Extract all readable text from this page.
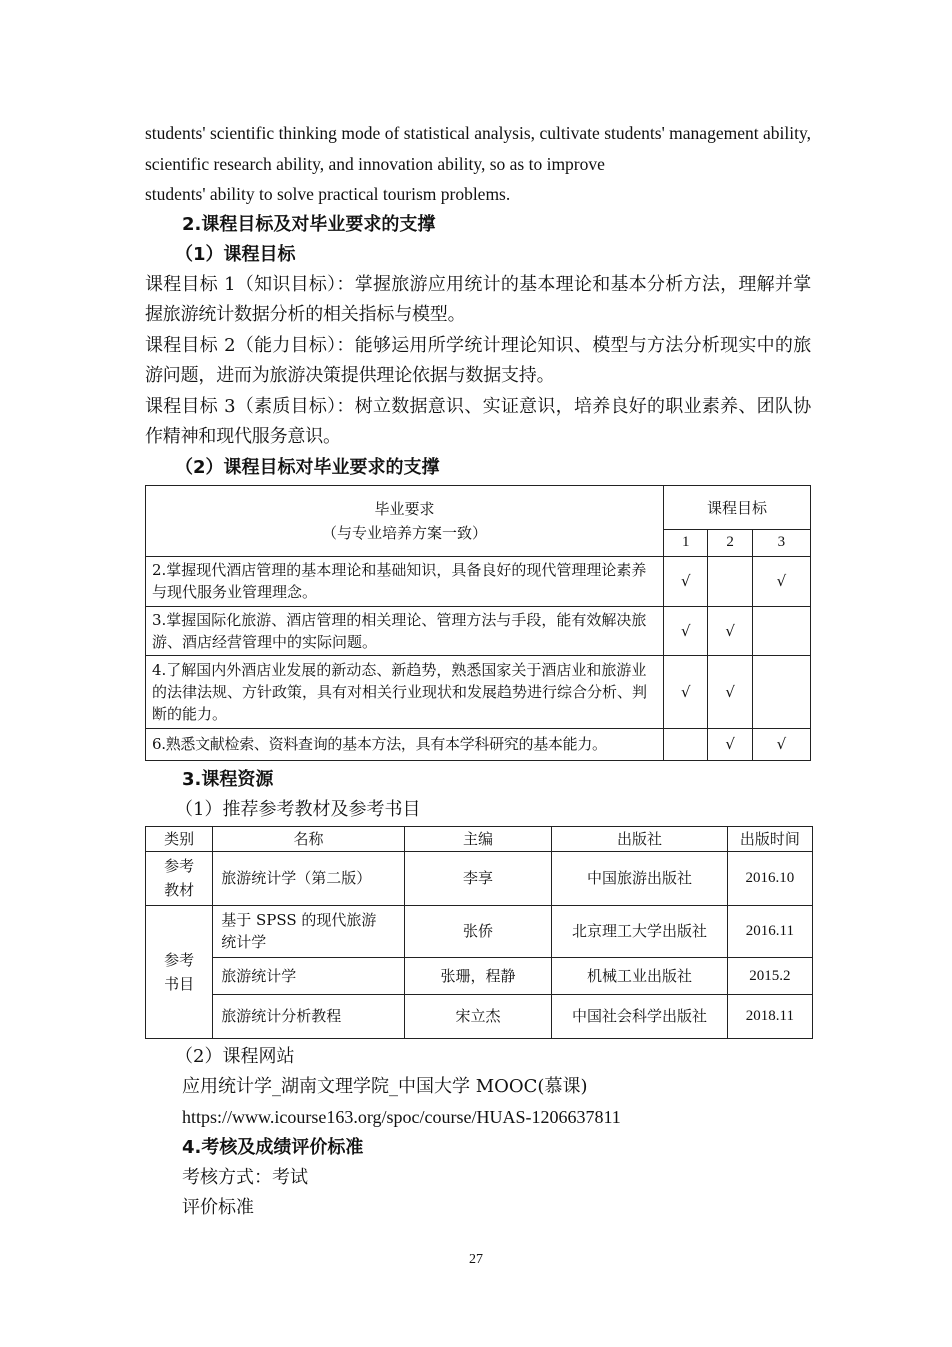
students' scientific thinking mode of statistical analysis, cultivate students' management ability, scientific research ability, and innovation ability, so as to improve

students' ability to solve practical tourism problems.

2.课程目标及对毕业要求的支撑

（1）课程目标

课程目标 1（知识目标）：掌握旅游应用统计的基本理论和基本分析方法，理解并掌握旅游统计数据分析的相关指标与模型。

课程目标 2（能力目标）：能够运用所学统计理论知识、模型与方法分析现实中的旅游问题，进而为旅游决策提供理论依据与数据支持。

课程目标 3（素质目标）：树立数据意识、实证意识，培养良好的职业素养、团队协作精神和现代服务意识。

（2）课程目标对毕业要求的支撑

毕业要求
（与专业培养方案一致）	课程目标		
	1	2	3
2.掌握现代酒店管理的基本理论和基础知识，具备良好的现代管理理论素养与现代服务业管理理念。	√		√
3.掌握国际化旅游、酒店管理的相关理论、管理方法与手段，能有效解决旅游、酒店经营管理中的实际问题。	√	√	
4.了解国内外酒店业发展的新动态、新趋势，熟悉国家关于酒店业和旅游业的法律法规、方针政策，具有对相关行业现状和发展趋势进行综合分析、判断的能力。	√	√	
6.熟悉文献检索、资料查询的基本方法，具有本学科研究的基本能力。		√	√

3.课程资源

（1）推荐参考教材及参考书目

类别	名称	主编	出版社	出版时间

参考教材	旅游统计学（第二版）	李享	中国旅游出版社	2016.10

参考书目	基于 SPSS 的现代旅游统计学	张侨	北京理工大学出版社	2016.11
	旅游统计学	张珊，程静	机械工业出版社	2015.2
	旅游统计分析教程	宋立杰	中国社会科学出版社	2018.11

（2）课程网站

应用统计学_湖南文理学院_中国大学 MOOC(慕课)

https://www.icourse163.org/spoc/course/HUAS-1206637811

4.考核及成绩评价标准

考核方式：考试

评价标准

27
